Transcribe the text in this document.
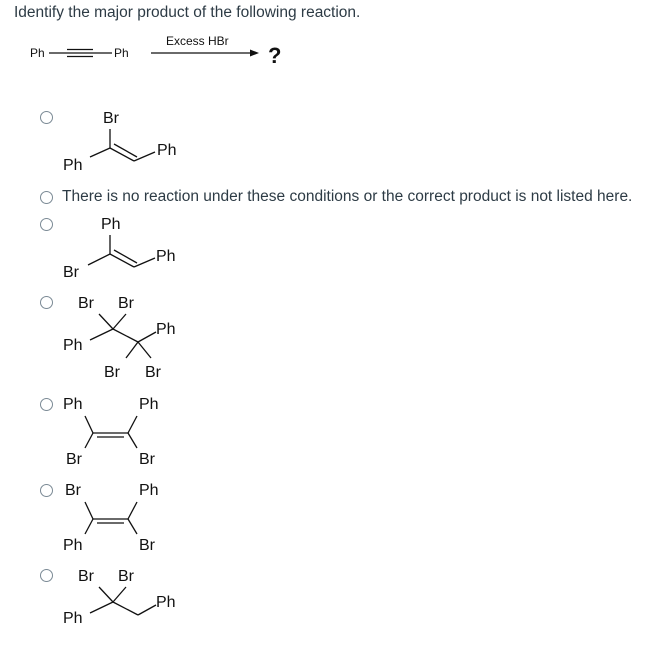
Identify the major product of the following reaction.
Ph	Ph
Excess HBr
?
Br
Ph
Ph
There is no reaction under these conditions or the correct product is not listed here.
Ph
Ph
Br
Br Br
Ph
Ph
Br Br
Ph	Ph
Br	Br
Br	Ph
Ph	Br
Br Br
Ph
Ph
